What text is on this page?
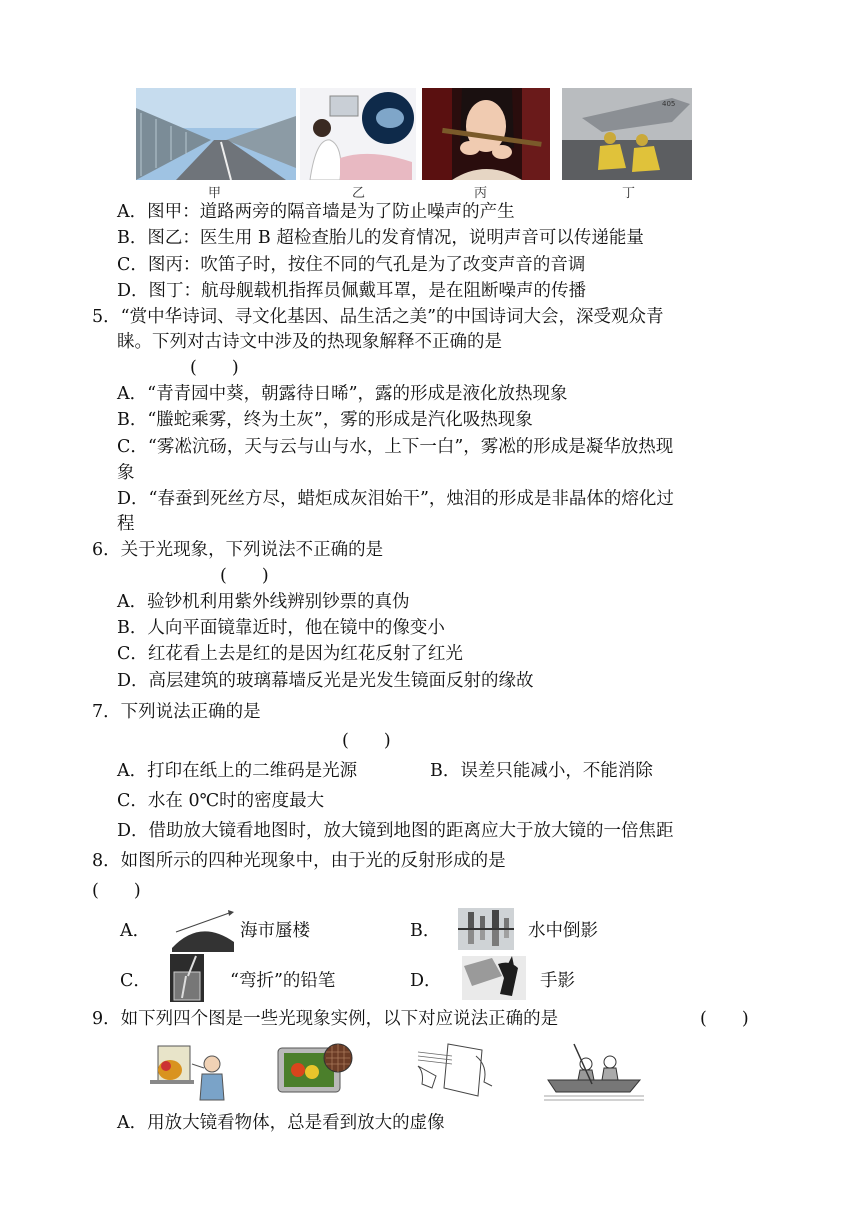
405
甲	乙	丙	丁
A．图甲：道路两旁的隔音墙是为了防止噪声的产生
B．图乙：医生用 B 超检查胎儿的发育情况，说明声音可以传递能量
C．图丙：吹笛子时，按住不同的气孔是为了改变声音的音调
D．图丁：航母舰载机指挥员佩戴耳罩，是在阻断噪声的传播
5．“赏中华诗词、寻文化基因、品生活之美”的中国诗词大会，深受观众青
睐。下列对古诗文中涉及的热现象解释不正确的是
(　　)
A．“青青园中葵，朝露待日晞”，露的形成是液化放热现象
B．“螣蛇乘雾，终为土灰”，雾的形成是汽化吸热现象
C．“雾凇沆砀，天与云与山与水，上下一白”，雾凇的形成是凝华放热现
象
D．“春蚕到死丝方尽，蜡炬成灰泪始干”，烛泪的形成是非晶体的熔化过
程
6．关于光现象，下列说法不正确的是
(　　)
A．验钞机利用紫外线辨别钞票的真伪
B．人向平面镜靠近时，他在镜中的像变小
C．红花看上去是红的是因为红花反射了红光
D．高层建筑的玻璃幕墙反光是光发生镜面反射的缘故
7．下列说法正确的是
(　　)
A．打印在纸上的二维码是光源	B．误差只能减小，不能消除
C．水在 0℃时的密度最大
D．借助放大镜看地图时，放大镜到地图的距离应大于放大镜的一倍焦距
8．如图所示的四种光现象中，由于光的反射形成的是
(　　)
A．	海市蜃楼	B．	水中倒影
C．	“弯折”的铅笔	D．	手影
9．如下列四个图是一些光现象实例，以下对应说法正确的是	(　　)
A．用放大镜看物体，总是看到放大的虚像
